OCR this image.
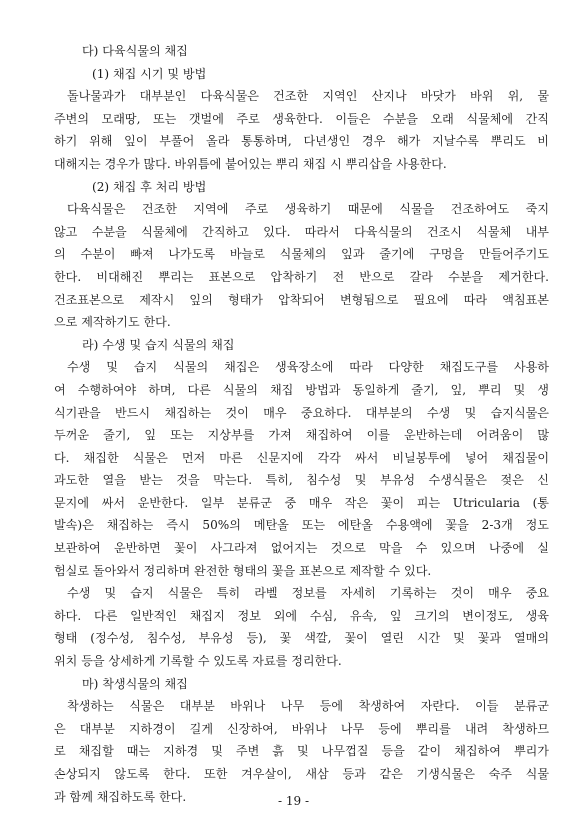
다) 다육식물의 채집
(1) 채집 시기 및 방법
돌나물과가 대부분인 다육식물은 건조한 지역인 산지나 바닷가 바위 위, 물
주변의 모래땅, 또는 갯벌에 주로 생육한다. 이들은 수분을 오래 식물체에 간직
하기 위해 잎이 부풀어 올라 통통하며, 다년생인 경우 해가 지날수록 뿌리도 비
대해지는 경우가 많다. 바위틈에 붙어있는 뿌리 채집 시 뿌리삽을 사용한다.
(2) 채집 후 처리 방법
다육식물은 건조한 지역에 주로 생육하기 때문에 식물을 건조하여도 죽지
않고 수분을 식물체에 간직하고 있다. 따라서 다육식물의 건조시 식물체 내부
의 수분이 빠져 나가도록 바늘로 식물체의 잎과 줄기에 구멍을 만들어주기도
한다. 비대해진 뿌리는 표본으로 압착하기 전 반으로 갈라 수분을 제거한다.
건조표본으로 제작시 잎의 형태가 압착되어 변형됨으로 필요에 따라 액침표본
으로 제작하기도 한다.
라) 수생 및 습지 식물의 채집
수생 및 습지 식물의 채집은 생육장소에 따라 다양한 채집도구를 사용하
여 수행하여야 하며, 다른 식물의 채집 방법과 동일하게 줄기, 잎, 뿌리 및 생
식기관을 반드시 채집하는 것이 매우 중요하다. 대부분의 수생 및 습지식물은
두꺼운 줄기, 잎 또는 지상부를 가져 채집하여 이를 운반하는데 어려움이 많
다. 채집한 식물은 먼저 마른 신문지에 각각 싸서 비닐봉투에 넣어 채집물이
과도한 열을 받는 것을 막는다. 특히, 침수성 및 부유성 수생식물은 젖은 신
문지에 싸서 운반한다. 일부 분류군 중 매우 작은 꽃이 피는 Utricularia (통
발속)은 채집하는 즉시 50%의 메탄올 또는 에탄올 수용액에 꽃을 2-3개 정도
보관하여 운반하면 꽃이 사그라져 없어지는 것으로 막을 수 있으며 나중에 실
험실로 돌아와서 정리하며 완전한 형태의 꽃을 표본으로 제작할 수 있다.
수생 및 습지 식물은 특히 라벨 정보를 자세히 기록하는 것이 매우 중요
하다. 다른 일반적인 채집지 정보 외에 수심, 유속, 잎 크기의 변이정도, 생육
형태 (정수성, 침수성, 부유성 등), 꽃 색깔, 꽃이 열린 시간 및 꽃과 열매의
위치 등을 상세하게 기록할 수 있도록 자료를 정리한다.
마) 착생식물의 채집
착생하는 식물은 대부분 바위나 나무 등에 착생하여 자란다. 이들 분류군
은 대부분 지하경이 길게 신장하여, 바위나 나무 등에 뿌리를 내려 착생하므
로 채집할 때는 지하경 및 주변 흙 및 나무껍질 등을 같이 채집하여 뿌리가
손상되지 않도록 한다. 또한 겨우살이, 새삼 등과 같은 기생식물은 숙주 식물
과 함께 채집하도록 한다.	- 19 -
